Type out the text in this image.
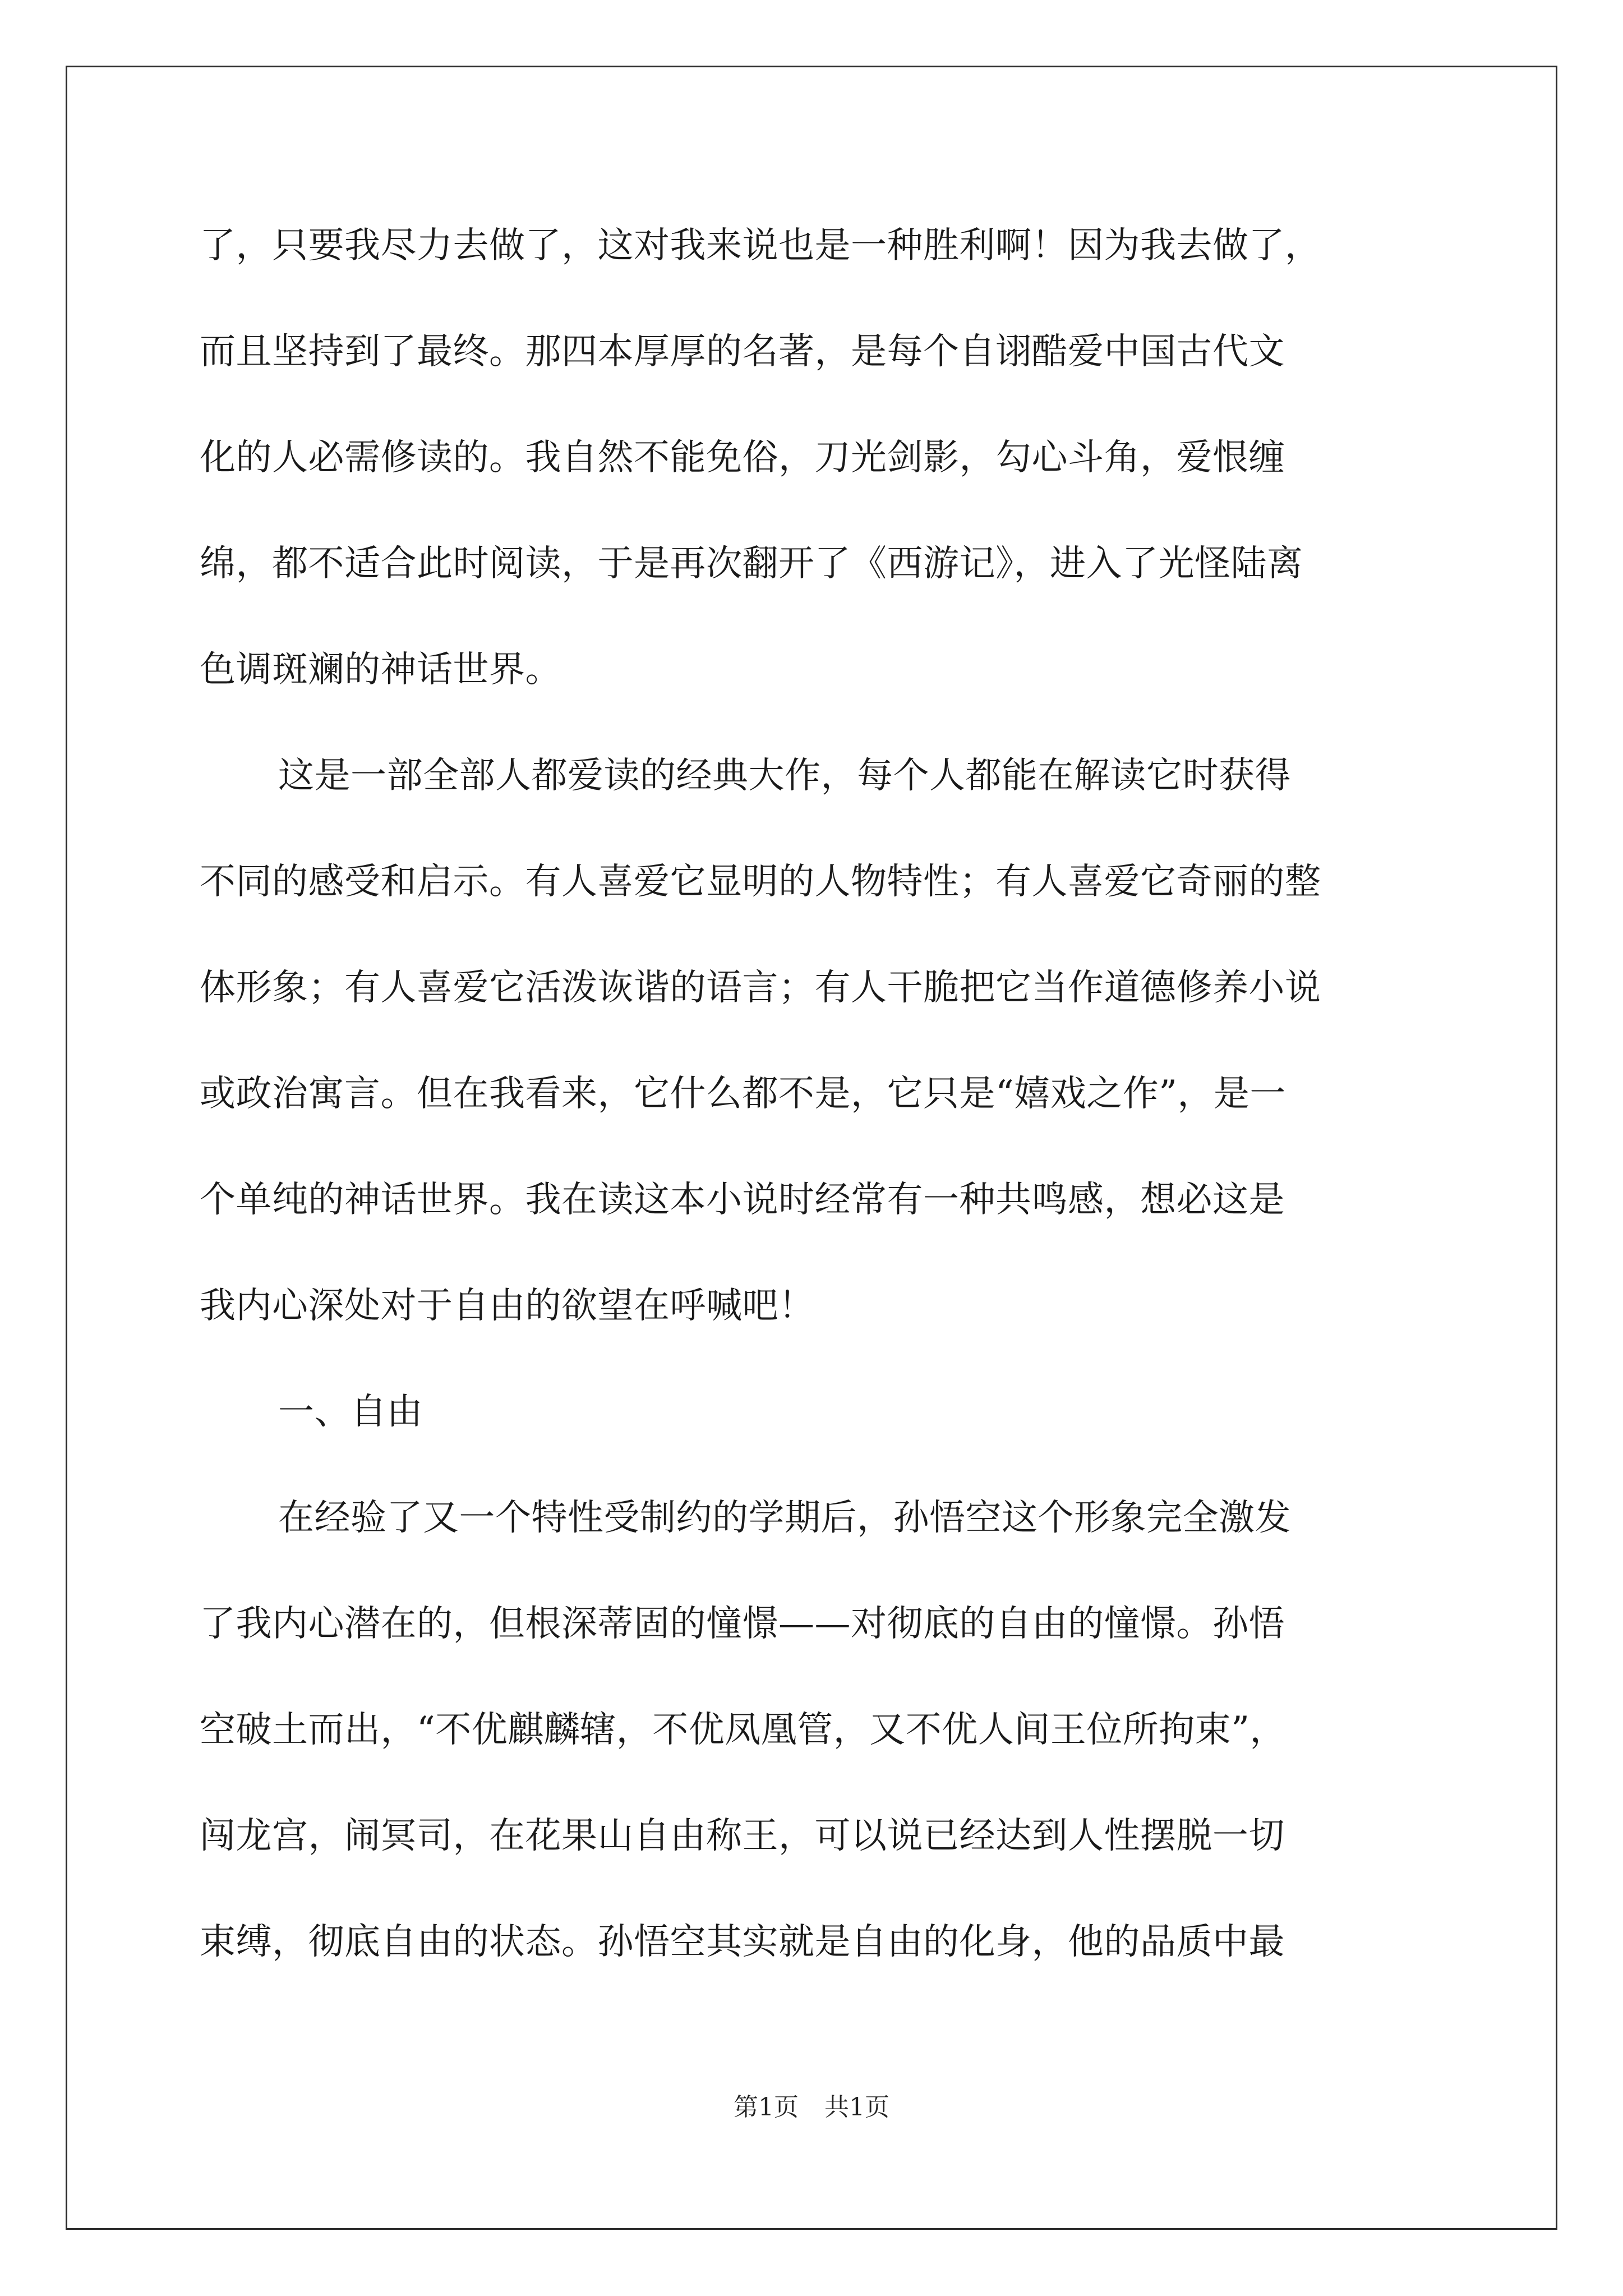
了，只要我尽力去做了，这对我来说也是一种胜利啊！因为我去做了，
而且坚持到了最终。那四本厚厚的名著，是每个自诩酷爱中国古代文
化的人必需修读的。我自然不能免俗，刀光剑影，勾心斗角，爱恨缠
绵，都不适合此时阅读，于是再次翻开了《西游记》，进入了光怪陆离
色调斑斓的神话世界。
这是一部全部人都爱读的经典大作，每个人都能在解读它时获得
不同的感受和启示。有人喜爱它显明的人物特性；有人喜爱它奇丽的整
体形象；有人喜爱它活泼诙谐的语言；有人干脆把它当作道德修养小说
或政治寓言。但在我看来，它什么都不是，它只是“嬉戏之作”，是一
个单纯的神话世界。我在读这本小说时经常有一种共鸣感，想必这是
我内心深处对于自由的欲望在呼喊吧！
一、自由
在经验了又一个特性受制约的学期后，孙悟空这个形象完全激发
了我内心潜在的，但根深蒂固的憧憬——对彻底的自由的憧憬。孙悟
空破土而出，“不优麒麟辖，不优凤凰管，又不优人间王位所拘束”，
闯龙宫，闹冥司，在花果山自由称王，可以说已经达到人性摆脱一切
束缚，彻底自由的状态。孙悟空其实就是自由的化身，他的品质中最
第1页 共1页
